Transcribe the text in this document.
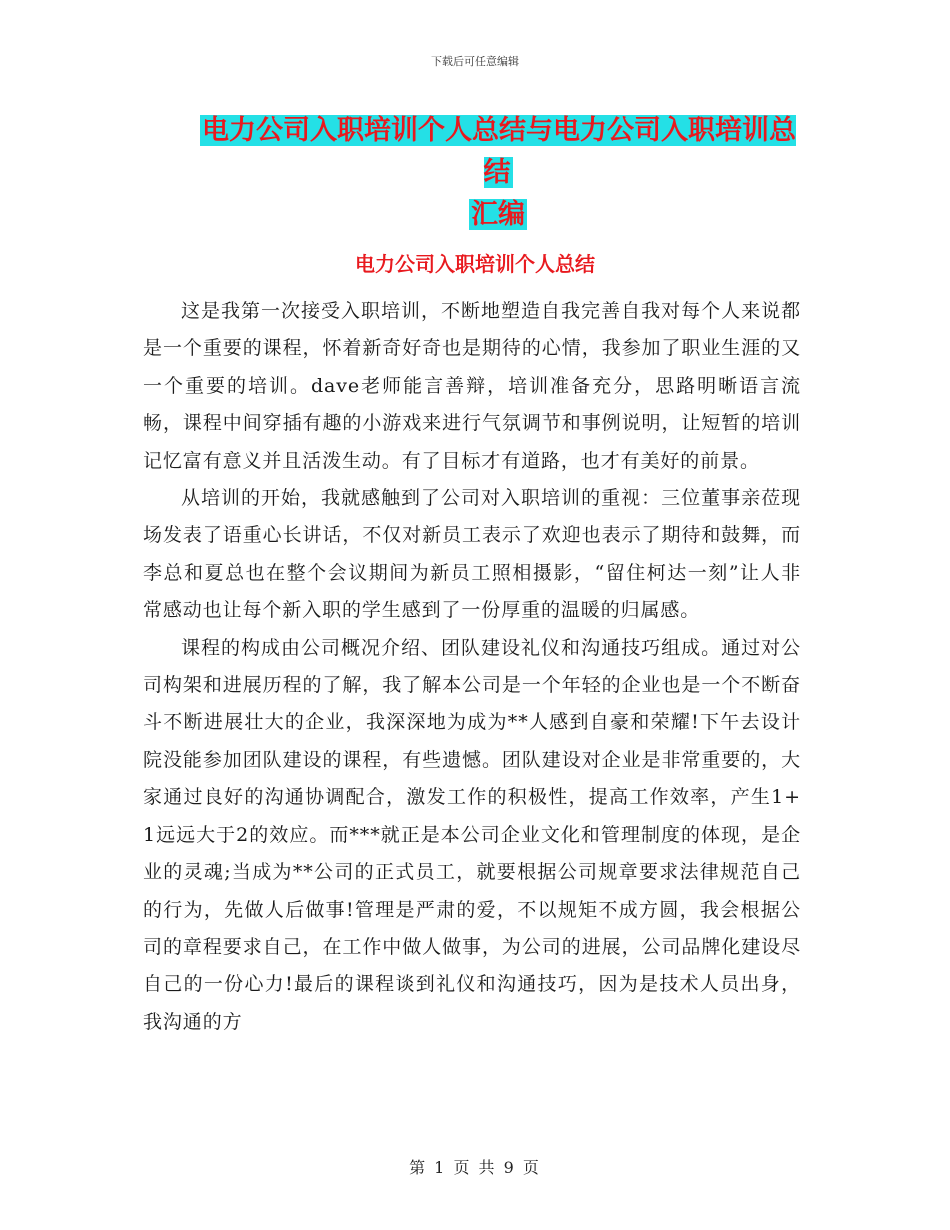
下载后可任意编辑
电力公司入职培训个人总结与电力公司入职培训总结
汇编
电力公司入职培训个人总结

这是我第一次接受入职培训，不断地塑造自我完善自我对每个人来说都是一个重要的课程，怀着新奇好奇也是期待的心情，我参加了职业生涯的又一个重要的培训。dave老师能言善辩，培训准备充分，思路明晰语言流畅，课程中间穿插有趣的小游戏来进行气氛调节和事例说明，让短暂的培训记忆富有意义并且活泼生动。有了目标才有道路，也才有美好的前景。

从培训的开始，我就感触到了公司对入职培训的重视：三位董事亲莅现场发表了语重心长讲话，不仅对新员工表示了欢迎也表示了期待和鼓舞，而李总和夏总也在整个会议期间为新员工照相摄影，“留住柯达一刻”让人非常感动也让每个新入职的学生感到了一份厚重的温暖的归属感。

课程的构成由公司概况介绍、团队建设礼仪和沟通技巧组成。通过对公司构架和进展历程的了解，我了解本公司是一个年轻的企业也是一个不断奋斗不断进展壮大的企业，我深深地为成为**人感到自豪和荣耀!下午去设计院没能参加团队建设的课程，有些遗憾。团队建设对企业是非常重要的，大家通过良好的沟通协调配合，激发工作的积极性，提高工作效率，产生1+1远远大于2的效应。而***就正是本公司企业文化和管理制度的体现，是企业的灵魂;当成为**公司的正式员工，就要根据公司规章要求法律规范自己的行为，先做人后做事!管理是严肃的爱，不以规矩不成方圆，我会根据公司的章程要求自己，在工作中做人做事，为公司的进展，公司品牌化建设尽自己的一份心力!最后的课程谈到礼仪和沟通技巧，因为是技术人员出身，我沟通的方

第 1 页 共 9 页
